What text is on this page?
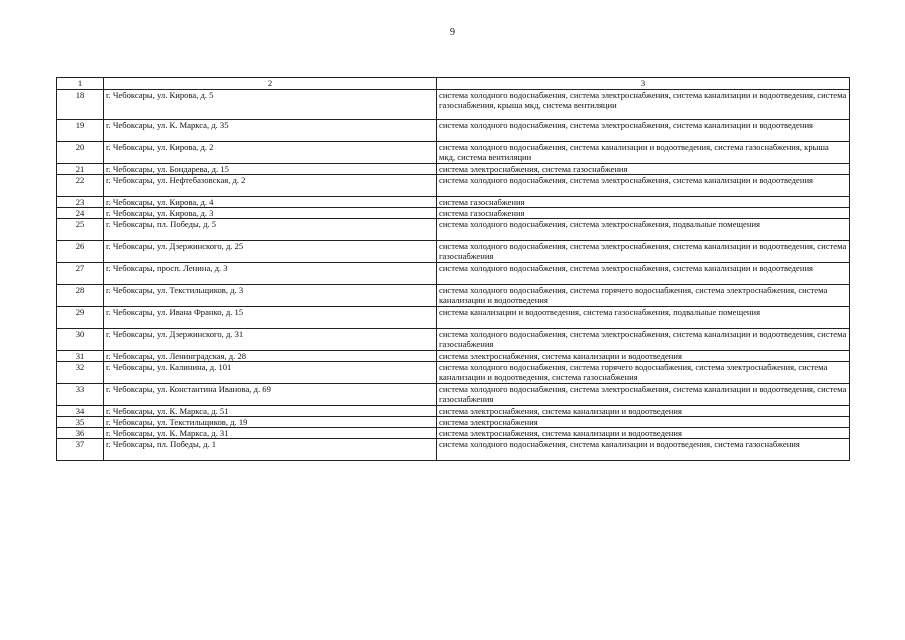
9
1	2	3
18	г. Чебоксары, ул. Кирова, д. 5	система холодного водоснабжения, система электроснабжения, система канализации и водоотведения, система газоснабжения, крыша мкд, система вентиляции
19	г. Чебоксары, ул. К. Маркса, д. 35	система холодного водоснабжения, система электроснабжения, система канализации и водоотведения
20	г. Чебоксары, ул. Кирова, д. 2	система холодного водоснабжения, система канализации и водоотведения, система газоснабжения, крыша мкд, система вентиляции
21	г. Чебоксары, ул. Бондарева, д. 15	система электроснабжения, система газоснабжения
22	г. Чебоксары, ул. Нефтебазовская, д. 2	система холодного водоснабжения, система электроснабжения, система канализации и водоотведения
23	г. Чебоксары, ул. Кирова, д. 4	система газоснабжения
24	г. Чебоксары, ул. Кирова, д. 3	система газоснабжения
25	г. Чебоксары, пл. Победы, д. 5	система холодного водоснабжения, система электроснабжения, подвальные помещения
26	г. Чебоксары, ул. Дзержинского, д. 25	система холодного водоснабжения, система электроснабжения, система канализации и водоотведения, система газоснабжения
27	г. Чебоксары, просп. Ленина, д. 3	система холодного водоснабжения, система электроснабжения, система канализации и водоотведения
28	г. Чебоксары, ул. Текстильщиков, д. 3	система холодного водоснабжения, система горячего водоснабжения, система электроснабжения, система канализации и водоотведения
29	г. Чебоксары, ул. Ивана Франко, д. 15	система канализации и водоотведения, система газоснабжения, подвальные помещения
30	г. Чебоксары, ул. Дзержинского, д. 31	система холодного водоснабжения, система электроснабжения, система канализации и водоотведения, система газоснабжения
31	г. Чебоксары, ул. Ленинградская, д. 28	система электроснабжения, система канализации и водоотведения
32	г. Чебоксары, ул. Калинина, д. 101	система холодного водоснабжения, система горячего водоснабжения, система электроснабжения, система канализации и водоотведения, система газоснабжения
33	г. Чебоксары, ул. Константина Иванова, д. 69	система холодного водоснабжения, система электроснабжения, система канализации и водоотведения, система газоснабжения
34	г. Чебоксары, ул. К. Маркса, д. 51	система электроснабжения, система канализации и водоотведения
35	г. Чебоксары, ул. Текстильщиков, д. 19	система электроснабжения
36	г. Чебоксары, ул. К. Маркса, д. 31	система электроснабжения, система канализации и водоотведения
37	г. Чебоксары, пл. Победы, д. 1	система холодного водоснабжения, система канализации и водоотведения, система газоснабжения
